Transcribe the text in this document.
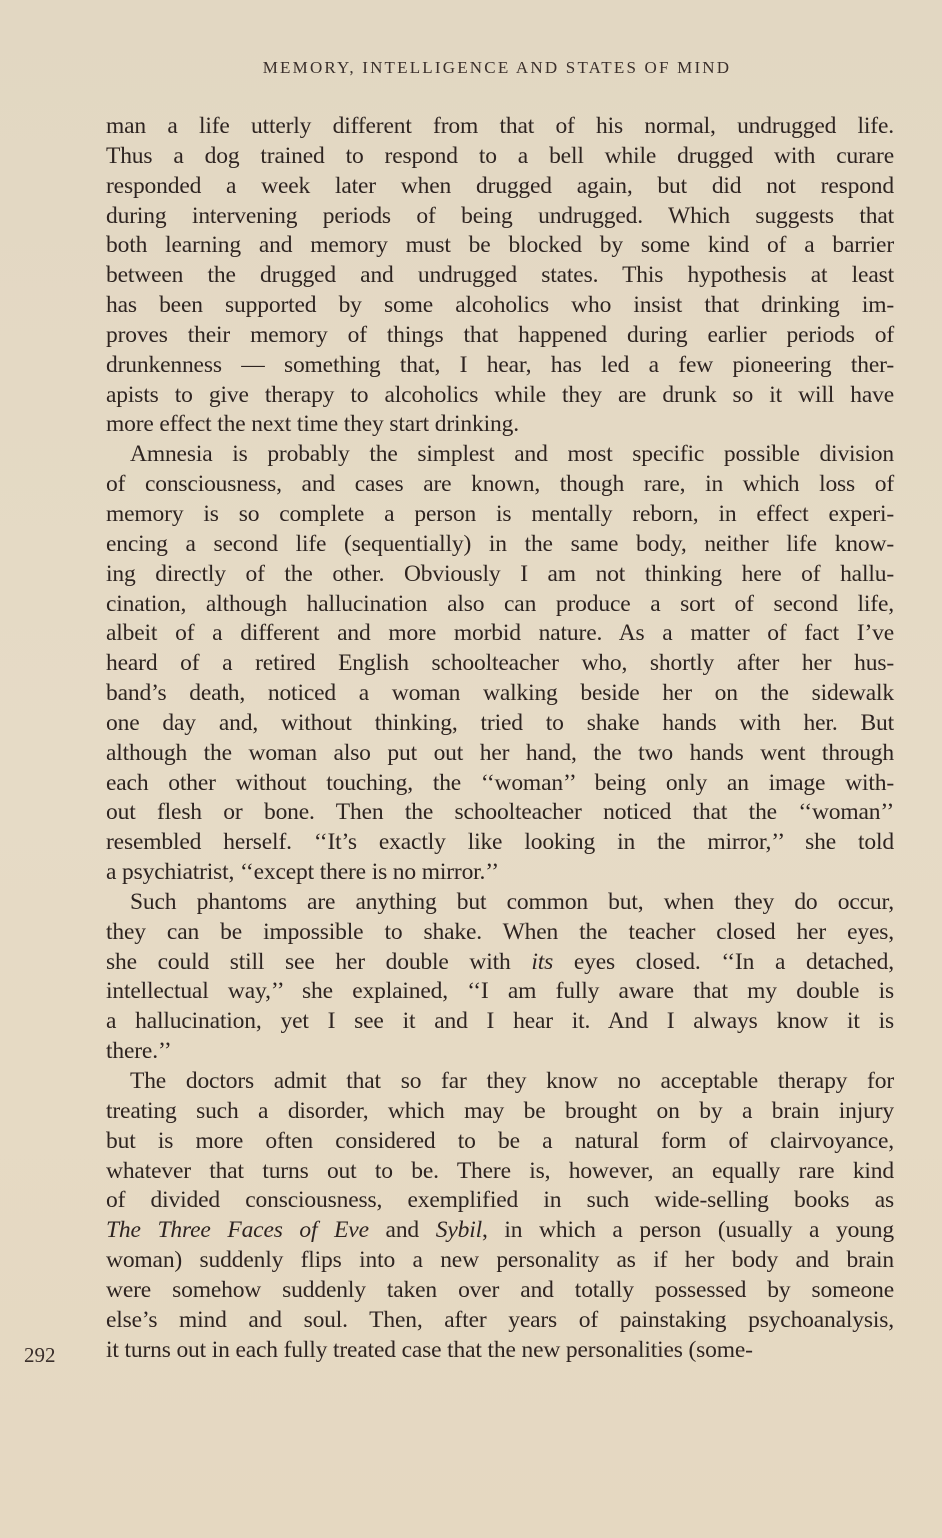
MEMORY, INTELLIGENCE AND STATES OF MIND
man a life utterly different from that of his normal, undrugged life.
Thus a dog trained to respond to a bell while drugged with curare
responded a week later when drugged again, but did not respond
during intervening periods of being undrugged. Which suggests that
both learning and memory must be blocked by some kind of a barrier
between the drugged and undrugged states. This hypothesis at least
has been supported by some alcoholics who insist that drinking im-
proves their memory of things that happened during earlier periods of
drunkenness — something that, I hear, has led a few pioneering ther-
apists to give therapy to alcoholics while they are drunk so it will have
more effect the next time they start drinking.
Amnesia is probably the simplest and most specific possible division
of consciousness, and cases are known, though rare, in which loss of
memory is so complete a person is mentally reborn, in effect experi-
encing a second life (sequentially) in the same body, neither life know-
ing directly of the other. Obviously I am not thinking here of hallu-
cination, although hallucination also can produce a sort of second life,
albeit of a different and more morbid nature. As a matter of fact I’ve
heard of a retired English schoolteacher who, shortly after her hus-
band’s death, noticed a woman walking beside her on the sidewalk
one day and, without thinking, tried to shake hands with her. But
although the woman also put out her hand, the two hands went through
each other without touching, the ‘‘woman’’ being only an image with-
out flesh or bone. Then the schoolteacher noticed that the ‘‘woman’’
resembled herself. ‘‘It’s exactly like looking in the mirror,’’ she told
a psychiatrist, ‘‘except there is no mirror.’’
Such phantoms are anything but common but, when they do occur,
they can be impossible to shake. When the teacher closed her eyes,
she could still see her double with its eyes closed. ‘‘In a detached,
intellectual way,’’ she explained, ‘‘I am fully aware that my double is
a hallucination, yet I see it and I hear it. And I always know it is
there.’’
The doctors admit that so far they know no acceptable therapy for
treating such a disorder, which may be brought on by a brain injury
but is more often considered to be a natural form of clairvoyance,
whatever that turns out to be. There is, however, an equally rare kind
of divided consciousness, exemplified in such wide-selling books as
The Three Faces of Eve and Sybil, in which a person (usually a young
woman) suddenly flips into a new personality as if her body and brain
were somehow suddenly taken over and totally possessed by someone
else’s mind and soul. Then, after years of painstaking psychoanalysis,
it turns out in each fully treated case that the new personalities (some-
292
